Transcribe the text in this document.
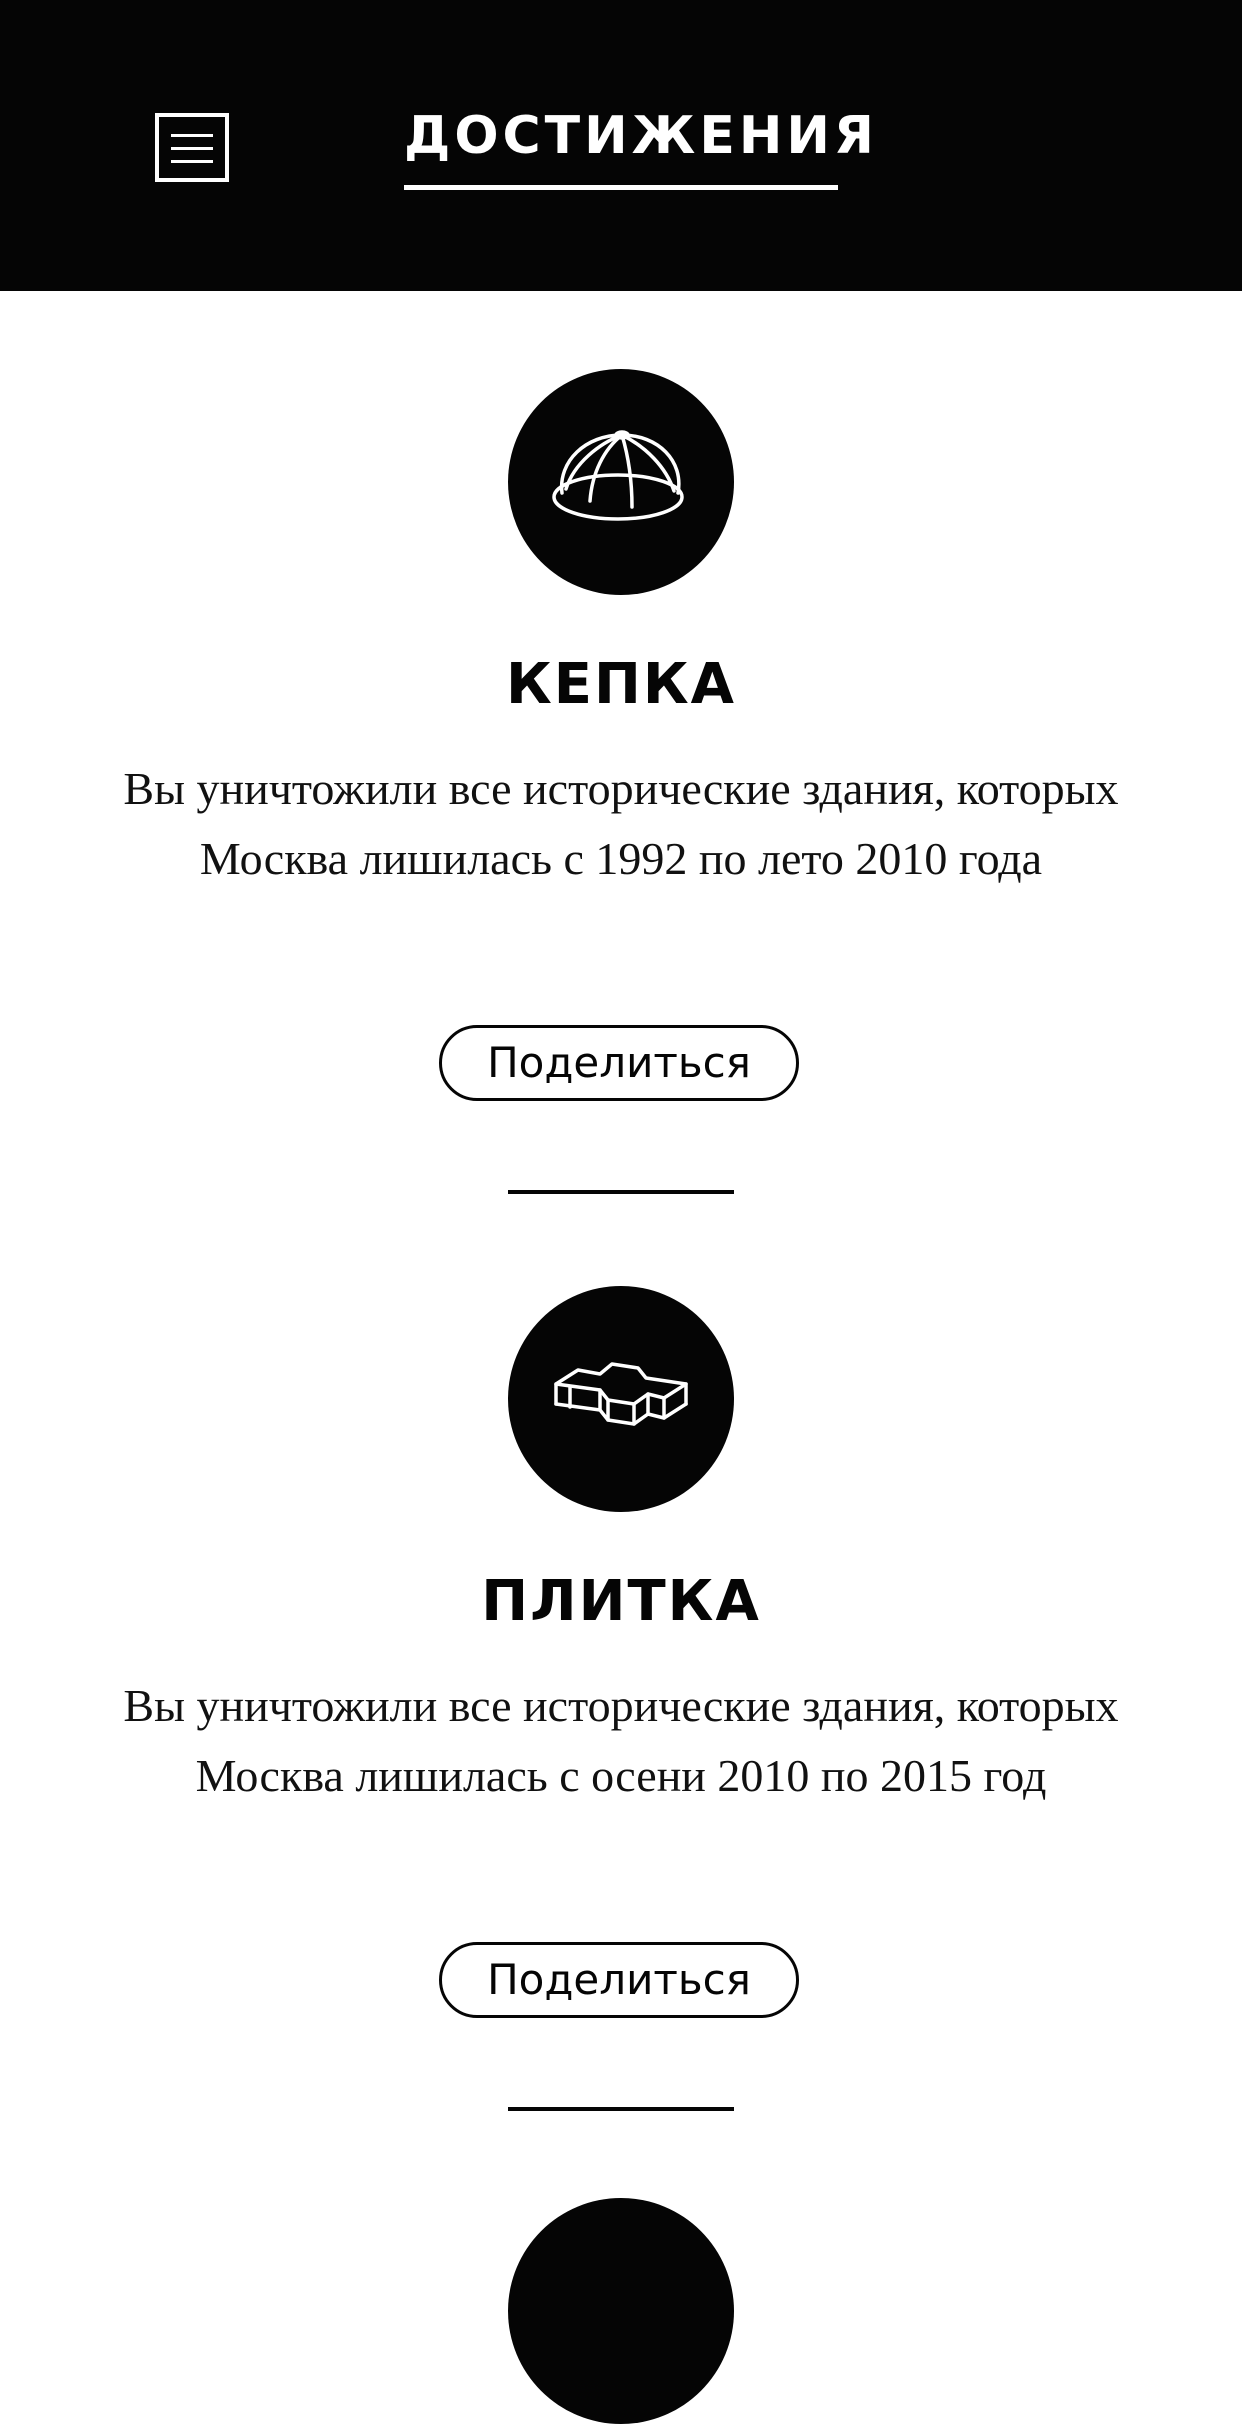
ДОСТИЖЕНИЯ
КЕПКА
Вы уничтожили все исторические здания, которых Москва лишилась с 1992 по лето 2010 года
Поделиться
ПЛИТКА
Вы уничтожили все исторические здания, которых Москва лишилась с осени 2010 по 2015 год
Поделиться
